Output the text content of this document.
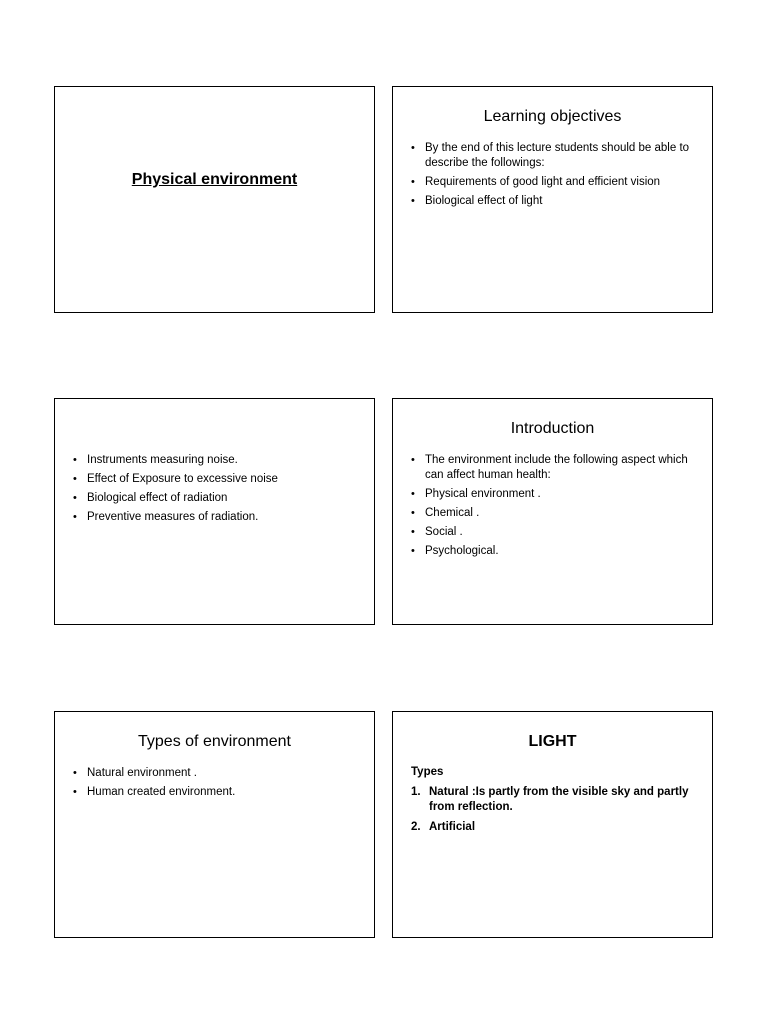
Physical environment
Learning objectives
• By the end of this lecture students should be able to describe the followings:
• Requirements of good light and efficient vision
• Biological effect of light
• Instruments measuring noise.
• Effect of Exposure to excessive noise
• Biological effect of radiation
• Preventive measures of radiation.
Introduction
• The environment include the following aspect which can affect human health:
• Physical environment .
• Chemical .
• Social .
• Psychological.
Types of environment
• Natural environment .
• Human created environment.
LIGHT
Types
1. Natural :Is partly from the visible sky and partly from reflection.
2. Artificial
